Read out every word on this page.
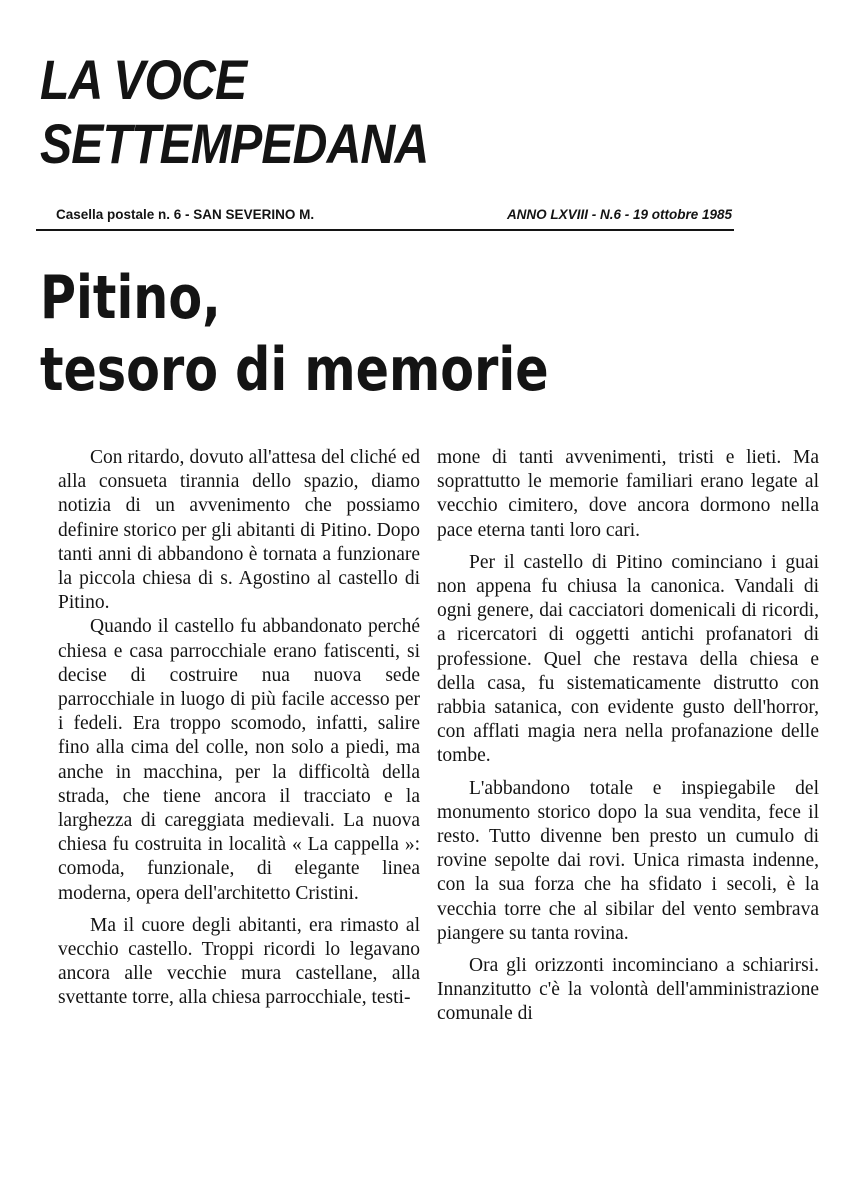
LA VOCE
SETTEMPEDANA
Casella postale n. 6 - SAN SEVERINO M.	ANNO LXVIII - N.6 - 19 ottobre 1985
Pitino,
tesoro di memorie

Con ritardo, dovuto all'attesa del cliché ed alla consueta tirannia dello spazio, diamo notizia di un avvenimento che possiamo definire storico per gli abitanti di Pitino. Dopo tanti anni di abbandono è tornata a funzionare la piccola chiesa di s. Agostino al castello di Pitino.

Quando il castello fu abbandonato perché chiesa e casa parrocchiale erano fatiscenti, si decise di costruire nua nuova sede parrocchiale in luogo di più facile accesso per i fedeli. Era troppo scomodo, infatti, salire fino alla cima del colle, non solo a piedi, ma anche in macchina, per la difficoltà della strada, che tiene ancora il tracciato e la larghezza di careggiata medievali. La nuova chiesa fu costruita in località « La cappella »: comoda, funzionale, di elegante linea moderna, opera dell'architetto Cristini.

Ma il cuore degli abitanti, era rimasto al vecchio castello. Troppi ricordi lo legavano ancora alle vecchie mura castellane, alla svettante torre, alla chiesa parrocchiale, testi-

mone di tanti avvenimenti, tristi e lieti. Ma soprattutto le memorie familiari erano legate al vecchio cimitero, dove ancora dormono nella pace eterna tanti loro cari.

Per il castello di Pitino cominciano i guai non appena fu chiusa la canonica. Vandali di ogni genere, dai cacciatori domenicali di ricordi, a ricercatori di oggetti antichi profanatori di professione. Quel che restava della chiesa e della casa, fu sistematicamente distrutto con rabbia satanica, con evidente gusto dell'horror, con afflati magia nera nella profanazione delle tombe.

L'abbandono totale e inspiegabile del monumento storico dopo la sua vendita, fece il resto. Tutto divenne ben presto un cumulo di rovine sepolte dai rovi. Unica rimasta indenne, con la sua forza che ha sfidato i secoli, è la vecchia torre che al sibilar del vento sembrava piangere su tanta rovina.

Ora gli orizzonti incominciano a schiarirsi. Innanzitutto c'è la volontà dell'amministrazione comunale di
